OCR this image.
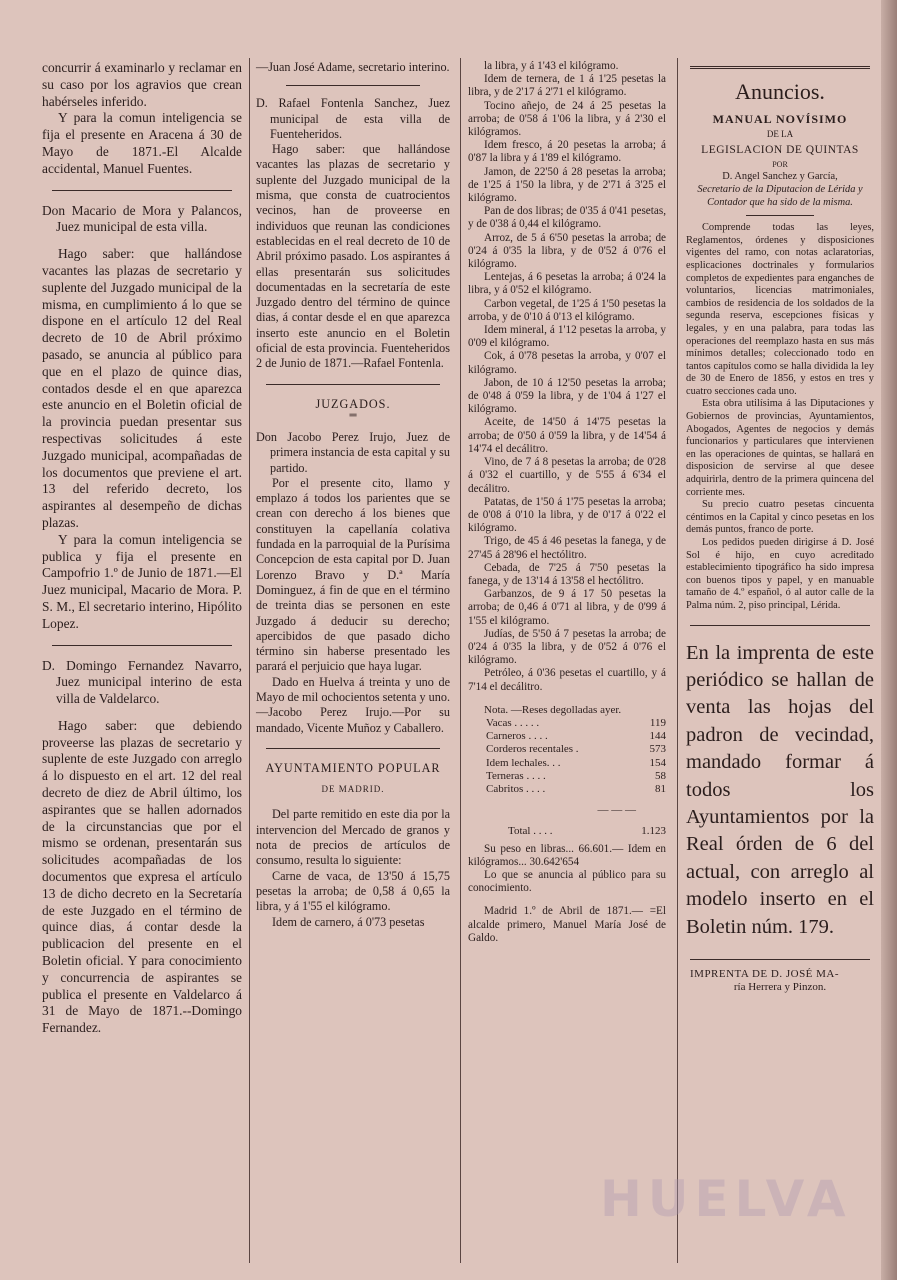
concurrir á examinarlo y reclamar en su caso por los agravios que crean habérseles inferido.

Y para la comun inteligencia se fija el presente en Aracena á 30 de Mayo de 1871.-El Alcalde accidental, Manuel Fuentes.

Don Macario de Mora y Palancos, Juez municipal de esta villa.

Hago saber: que hallándose vacantes las plazas de secretario y suplente del Juzgado municipal de la misma, en cumplimiento á lo que se dispone en el artículo 12 del Real decreto de 10 de Abril próximo pasado, se anuncia al público para que en el plazo de quince dias, contados desde el en que aparezca este anuncio en el Boletin oficial de la provincia puedan presentar sus respectivas solicitudes á este Juzgado municipal, acompañadas de los documentos que previene el art. 13 del referido decreto, los aspirantes al desempeño de dichas plazas.

Y para la comun inteligencia se publica y fija el presente en Campofrio 1.º de Junio de 1871.—El Juez municipal, Macario de Mora. P. S. M., El secretario interino, Hipólito Lopez.

D. Domingo Fernandez Navarro, Juez municipal interino de esta villa de Valdelarco.

Hago saber: que debiendo proveerse las plazas de secretario y suplente de este Juzgado con arreglo á lo dispuesto en el art. 12 del real decreto de diez de Abril último, los aspirantes que se hallen adornados de la circunstancias que por el mismo se ordenan, presentarán sus solicitudes acompañadas de los documentos que expresa el artículo 13 de dicho decreto en la Secretaría de este Juzgado en el término de quince dias, á contar desde la publicacion del presente en el Boletin oficial. Y para conocimiento y concurrencia de aspirantes se publica el presente en Valdelarco á 31 de Mayo de 1871.--Domingo Fernandez.

—Juan José Adame, secretario interino.

D. Rafael Fontenla Sanchez, Juez municipal de esta villa de Fuenteheridos.

Hago saber: que hallándose vacantes las plazas de secretario y suplente del Juzgado municipal de la misma, que consta de cuatrocientos vecinos, han de proveerse en individuos que reunan las condiciones establecidas en el real decreto de 10 de Abril próximo pasado. Los aspirantes á ellas presentarán sus solicitudes documentadas en la secretaría de este Juzgado dentro del término de quince dias, á contar desde el en que aparezca inserto este anuncio en el Boletin oficial de esta provincia. Fuenteheridos 2 de Junio de 1871.—Rafael Fontenla.

JUZGADOS.
═

Don Jacobo Perez Irujo, Juez de primera instancia de esta capital y su partido.

Por el presente cito, llamo y emplazo á todos los parientes que se crean con derecho á los bienes que constituyen la capellanía colativa fundada en la parroquial de la Purísima Concepcion de esta capital por D. Juan Lorenzo Bravo y D.ª María Dominguez, á fin de que en el término de treinta dias se personen en este Juzgado á deducir su derecho; apercibidos de que pasado dicho término sin haberse presentado les parará el perjuicio que haya lugar.

Dado en Huelva á treinta y uno de Mayo de mil ochocientos setenta y uno.—Jacobo Perez Irujo.—Por su mandado, Vicente Muñoz y Caballero.

AYUNTAMIENTO POPULAR
DE MADRID.

Del parte remitido en este dia por la intervencion del Mercado de granos y nota de precios de artículos de consumo, resulta lo siguiente:

Carne de vaca, de 13'50 á 15,75 pesetas la arroba; de 0,58 á 0,65 la libra, y á 1'55 el kilógramo.

Idem de carnero, á 0'73 pesetas

la libra, y á 1'43 el kilógramo.

Idem de ternera, de 1 á 1'25 pesetas la libra, y de 2'17 á 2'71 el kilógramo.

Tocino añejo, de 24 á 25 pesetas la arroba; de 0'58 á 1'06 la libra, y á 2'30 el kilógramos.

Idem fresco, á 20 pesetas la arroba; á 0'87 la libra y á 1'89 el kilógramo.

Jamon, de 22'50 á 28 pesetas la arroba; de 1'25 á 1'50 la libra, y de 2'71 á 3'25 el kilógramo.

Pan de dos libras; de 0'35 á 0'41 pesetas, y de 0'38 á 0,44 el kilógramo.

Arroz, de 5 á 6'50 pesetas la arroba; de 0'24 á 0'35 la libra, y de 0'52 á 0'76 el kilógramo.

Lentejas, á 6 pesetas la arroba; á 0'24 la libra, y á 0'52 el kilógramo.

Carbon vegetal, de 1'25 á 1'50 pesetas la arroba, y de 0'10 á 0'13 el kilógramo.

Idem mineral, á 1'12 pesetas la arroba, y 0'09 el kilógramo.

Cok, á 0'78 pesetas la arroba, y 0'07 el kilógramo.

Jabon, de 10 á 12'50 pesetas la arroba; de 0'48 á 0'59 la libra, y de 1'04 á 1'27 el kilógramo.

Aceite, de 14'50 á 14'75 pesetas la arroba; de 0'50 á 0'59 la libra, y de 14'54 á 14'74 el decálitro.

Vino, de 7 á 8 pesetas la arroba; de 0'28 á 0'32 el cuartillo, y de 5'55 á 6'34 el decálitro.

Patatas, de 1'50 á 1'75 pesetas la arroba; de 0'08 á 0'10 la libra, y de 0'17 á 0'22 el kilógramo.

Trigo, de 45 á 46 pesetas la fanega, y de 27'45 á 28'96 el hectólitro.

Cebada, de 7'25 á 7'50 pesetas la fanega, y de 13'14 á 13'58 el hectólitro.

Garbanzos, de 9 á 17 50 pesetas la arroba; de 0,46 á 0'71 al libra, y de 0'99 á 1'55 el kilógramo.

Judías, de 5'50 á 7 pesetas la arroba; de 0'24 á 0'35 la libra, y de 0'52 á 0'76 el kilógramo.

Petróleo, á 0'36 pesetas el cuartillo, y á 7'14 el decálitro.

Nota. —Reses degolladas ayer.
Vacas . . . . .	119
Carneros . . . .	144
Corderos recentales .	573
Idem lechales. . .	154
Terneras . . . .	58
Cabritos . . . .	81
— — —
Total . . . .	1.123

Su peso en libras... 66.601.— Idem en kilógramos... 30.642'654

Lo que se anuncia al público para su conocimiento.

Madrid 1.º de Abril de 1871.— =El alcalde primero, Manuel María José de Galdo.

Anuncios.
MANUAL NOVÍSIMO
DE LA
LEGISLACION DE QUINTAS
POR
D. Angel Sanchez y García,
Secretario de la Diputacion de Lérida y Contador que ha sido de la misma.

Comprende todas las leyes, Reglamentos, órdenes y disposiciones vigentes del ramo, con notas aclaratorias, esplicaciones doctrinales y formularios completos de expedientes para enganches de voluntarios, licencias matrimoniales, cambios de residencia de los soldados de la segunda reserva, escepciones físicas y legales, y en una palabra, para todas las operaciones del reemplazo hasta en sus más mínimos detalles; coleccionado todo en tantos capítulos como se halla dividida la ley de 30 de Enero de 1856, y estos en tres y cuatro secciones cada uno.

Esta obra utilísima á las Diputaciones y Gobiernos de provincias, Ayuntamientos, Abogados, Agentes de negocios y demás funcionarios y particulares que intervienen en las operaciones de quintas, se hallará en disposicion de servirse al que desee adquirirla, dentro de la primera quincena del corriente mes.

Su precio cuatro pesetas cincuenta céntimos en la Capital y cinco pesetas en los demás puntos, franco de porte.

Los pedidos pueden dirigirse á D. José Sol é hijo, en cuyo acreditado establecimiento tipográfico ha sido impresa con buenos tipos y papel, y en manuable tamaño de 4.º español, ó al autor calle de la Palma núm. 2, piso principal, Lérida.

En la imprenta de este periódico se hallan de venta las hojas del padron de vecindad, mandado formar á todos los Ayuntamientos por la Real órden de 6 del actual, con arreglo al modelo inserto en el Boletin núm. 179.

IMPRENTA DE D. JOSÉ MA-
ría Herrera y Pinzon.
HUELVA
